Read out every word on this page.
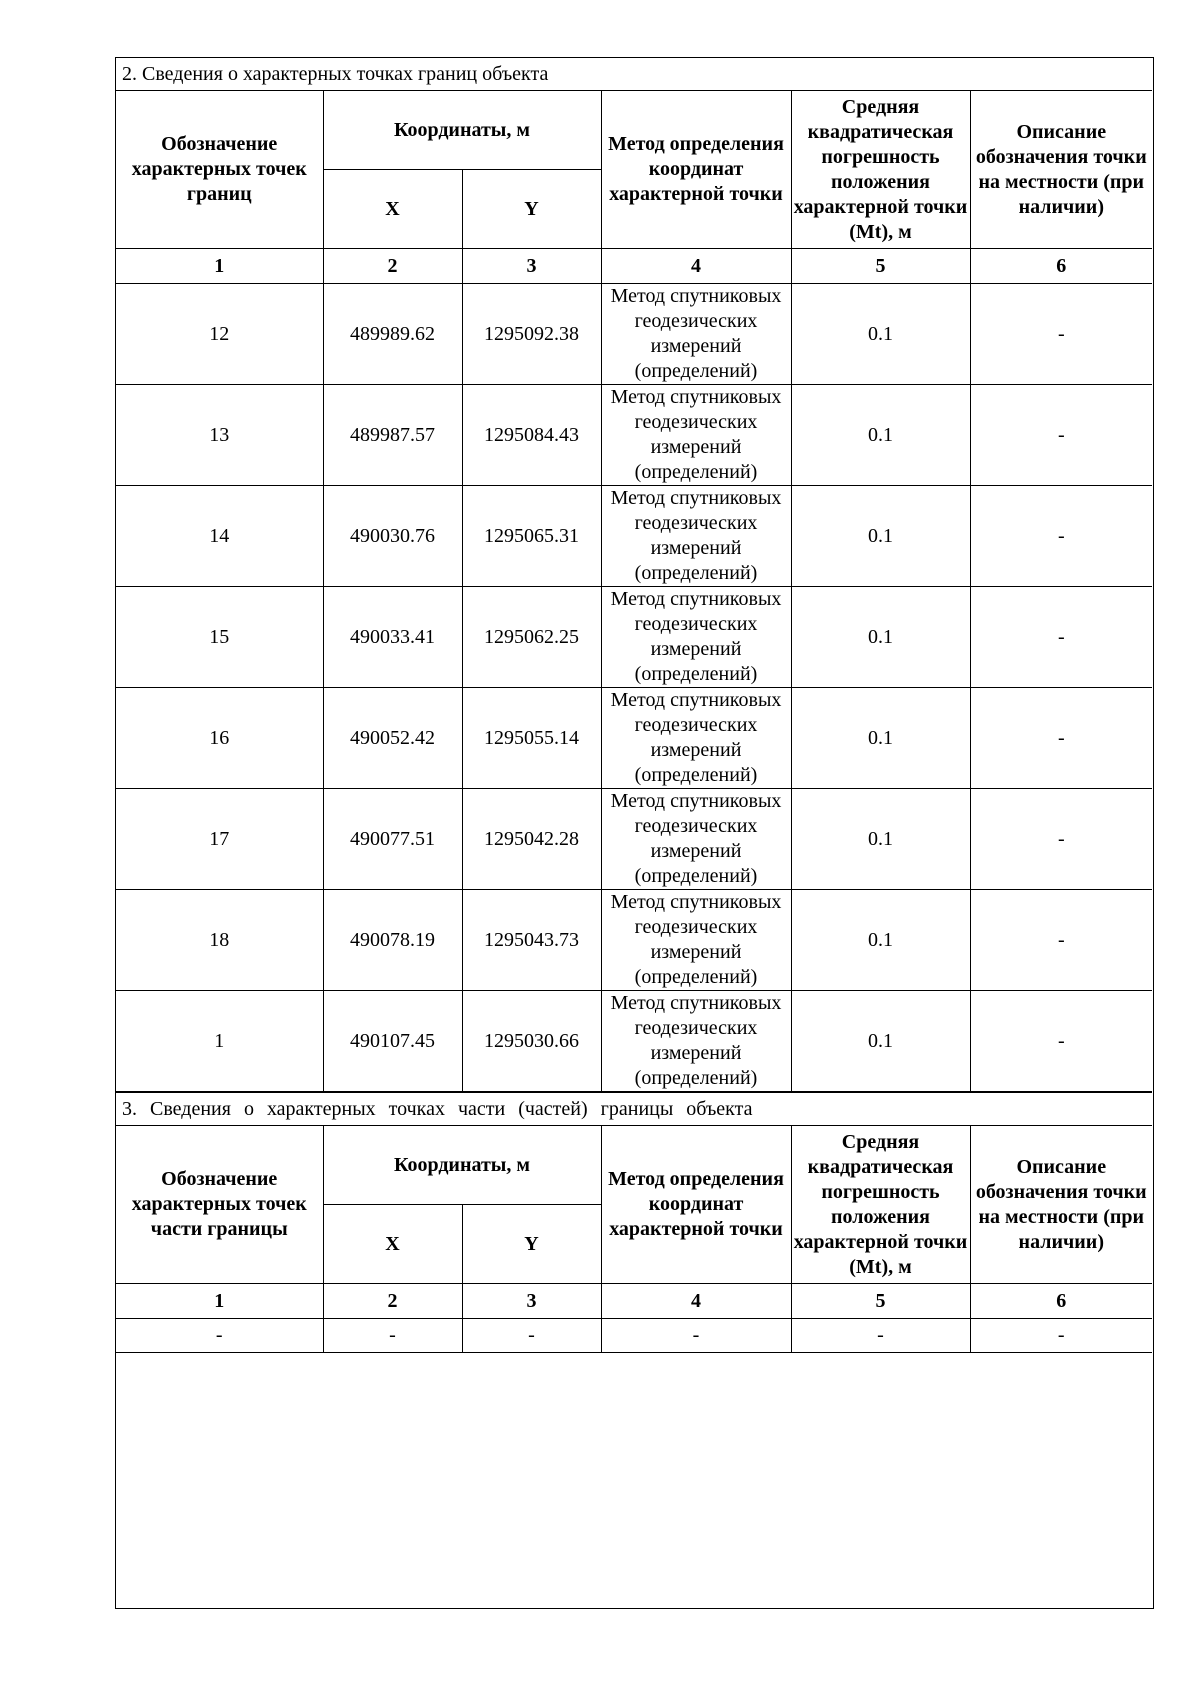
2. Сведения о характерных точках границ объекта					
Обозначение характерных точек границ	Координаты, м		Метод определения координат характерной точки	Средняя квадратическая погрешность положения характерной точки (Mt), м	Описание обозначения точки на местности (при наличии)
	X	Y			
1	2	3	4	5	6
12	489989.62	1295092.38	Метод спутниковых геодезических измерений (определений)	0.1	-
13	489987.57	1295084.43	Метод спутниковых геодезических измерений (определений)	0.1	-
14	490030.76	1295065.31	Метод спутниковых геодезических измерений (определений)	0.1	-
15	490033.41	1295062.25	Метод спутниковых геодезических измерений (определений)	0.1	-
16	490052.42	1295055.14	Метод спутниковых геодезических измерений (определений)	0.1	-
17	490077.51	1295042.28	Метод спутниковых геодезических измерений (определений)	0.1	-
18	490078.19	1295043.73	Метод спутниковых геодезических измерений (определений)	0.1	-
1	490107.45	1295030.66	Метод спутниковых геодезических измерений (определений)	0.1	-
3. Сведения о характерных точках части (частей) границы объекта					
Обозначение характерных точек части границы	Координаты, м		Метод определения координат характерной точки	Средняя квадратическая погрешность положения характерной точки (Mt), м	Описание обозначения точки на местности (при наличии)
	X	Y			
1	2	3	4	5	6
-	-	-	-	-	-
